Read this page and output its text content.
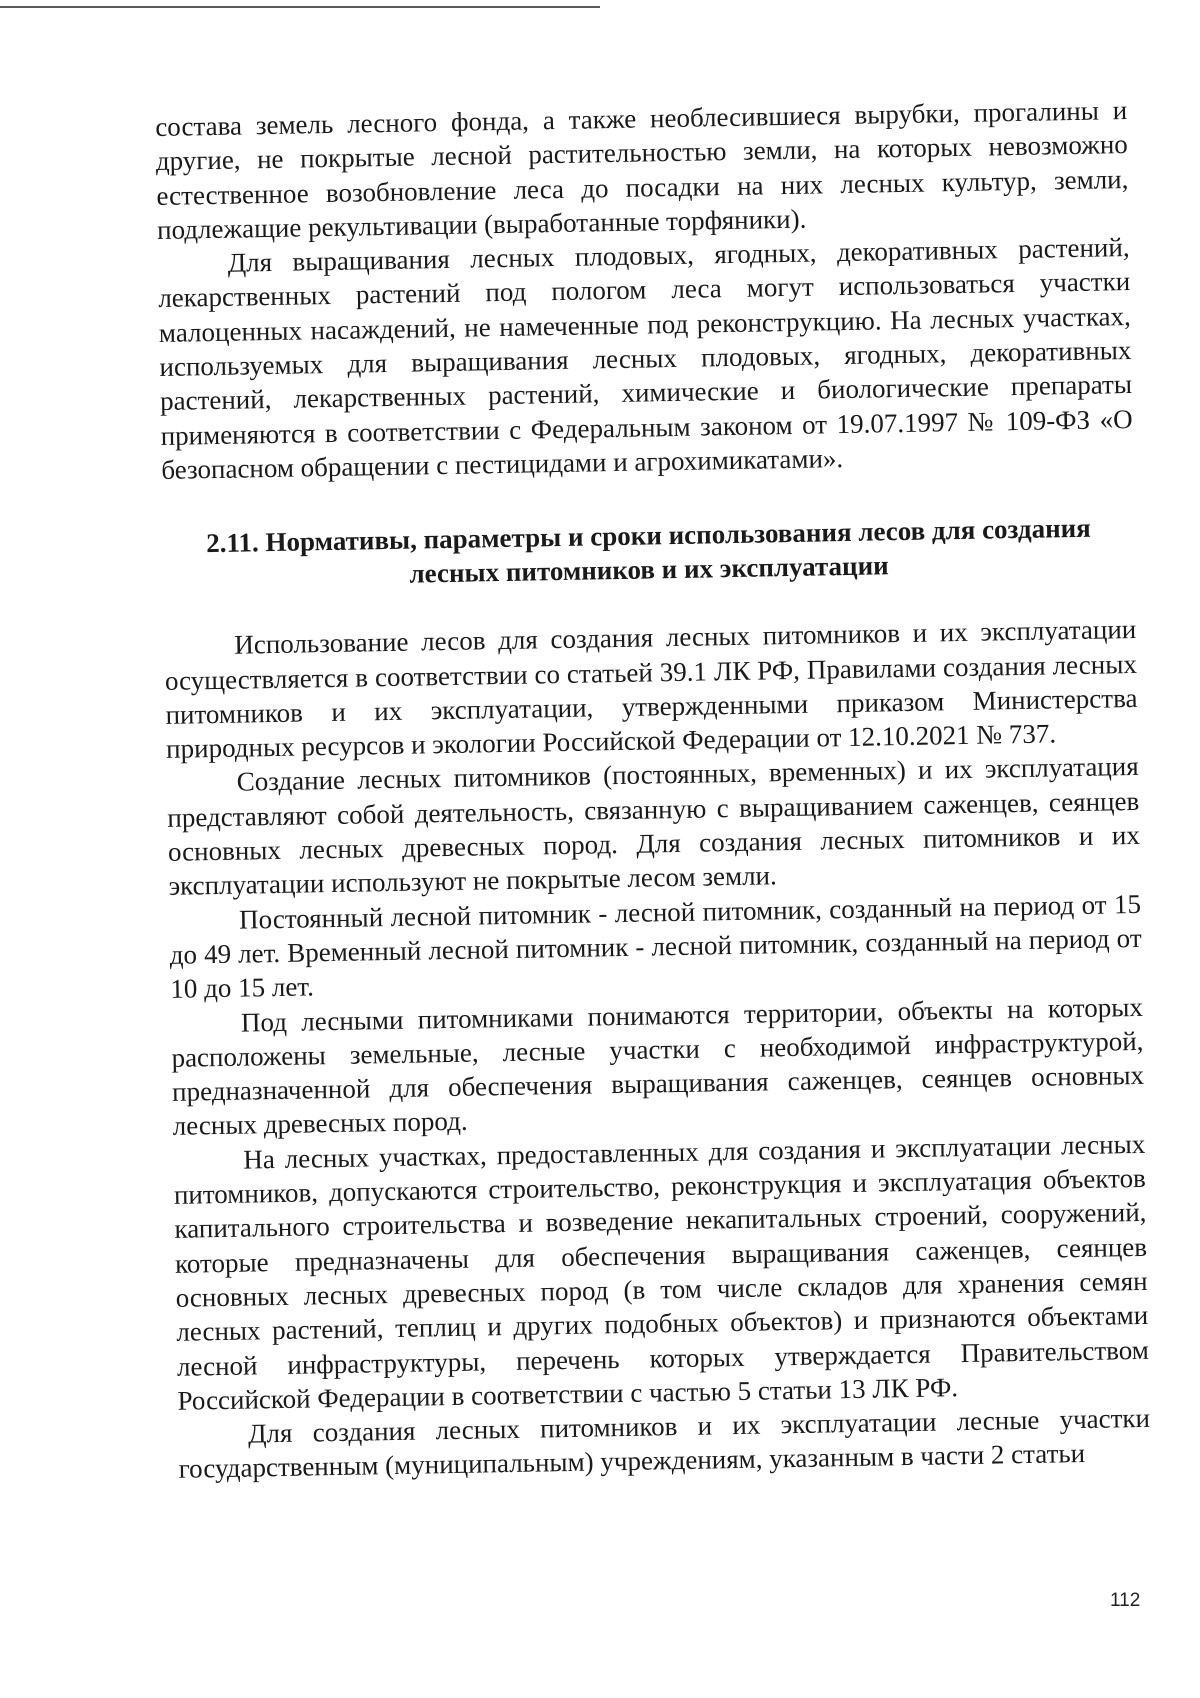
состава земель лесного фонда, а также необлесившиеся вырубки, прогалины и другие, не покрытые лесной растительностью земли, на которых невозможно естественное возобновление леса до посадки на них лесных культур, земли, подлежащие рекультивации (выработанные торфяники).

Для выращивания лесных плодовых, ягодных, декоративных растений, лекарственных растений под пологом леса могут использоваться участки малоценных насаждений, не намеченные под реконструкцию. На лесных участках, используемых для выращивания лесных плодовых, ягодных, декоративных растений, лекарственных растений, химические и биологические препараты применяются в соответствии с Федеральным законом от 19.07.1997 № 109-ФЗ «О безопасном обращении с пестицидами и агрохимикатами».

2.11. Нормативы, параметры и сроки использования лесов для создания
лесных питомников и их эксплуатации

Использование лесов для создания лесных питомников и их эксплуатации осуществляется в соответствии со статьей 39.1 ЛК РФ, Правилами создания лесных питомников и их эксплуатации, утвержденными приказом Министерства природных ресурсов и экологии Российской Федерации от 12.10.2021 № 737.

Создание лесных питомников (постоянных, временных) и их эксплуатация представляют собой деятельность, связанную с выращиванием саженцев, сеянцев основных лесных древесных пород. Для создания лесных питомников и их эксплуатации используют не покрытые лесом земли.

Постоянный лесной питомник - лесной питомник, созданный на период от 15 до 49 лет. Временный лесной питомник - лесной питомник, созданный на период от 10 до 15 лет.

Под лесными питомниками понимаются территории, объекты на которых расположены земельные, лесные участки с необходимой инфраструктурой, предназначенной для обеспечения выращивания саженцев, сеянцев основных лесных древесных пород.

На лесных участках, предоставленных для создания и эксплуатации лесных питомников, допускаются строительство, реконструкция и эксплуатация объектов капитального строительства и возведение некапитальных строений, сооружений, которые предназначены для обеспечения выращивания саженцев, сеянцев основных лесных древесных пород (в том числе складов для хранения семян лесных растений, теплиц и других подобных объектов) и признаются объектами лесной инфраструктуры, перечень которых утверждается Правительством Российской Федерации в соответствии с частью 5 статьи 13 ЛК РФ.

Для создания лесных питомников и их эксплуатации лесные участки государственным (муниципальным) учреждениям, указанным в части 2 статьи

112
